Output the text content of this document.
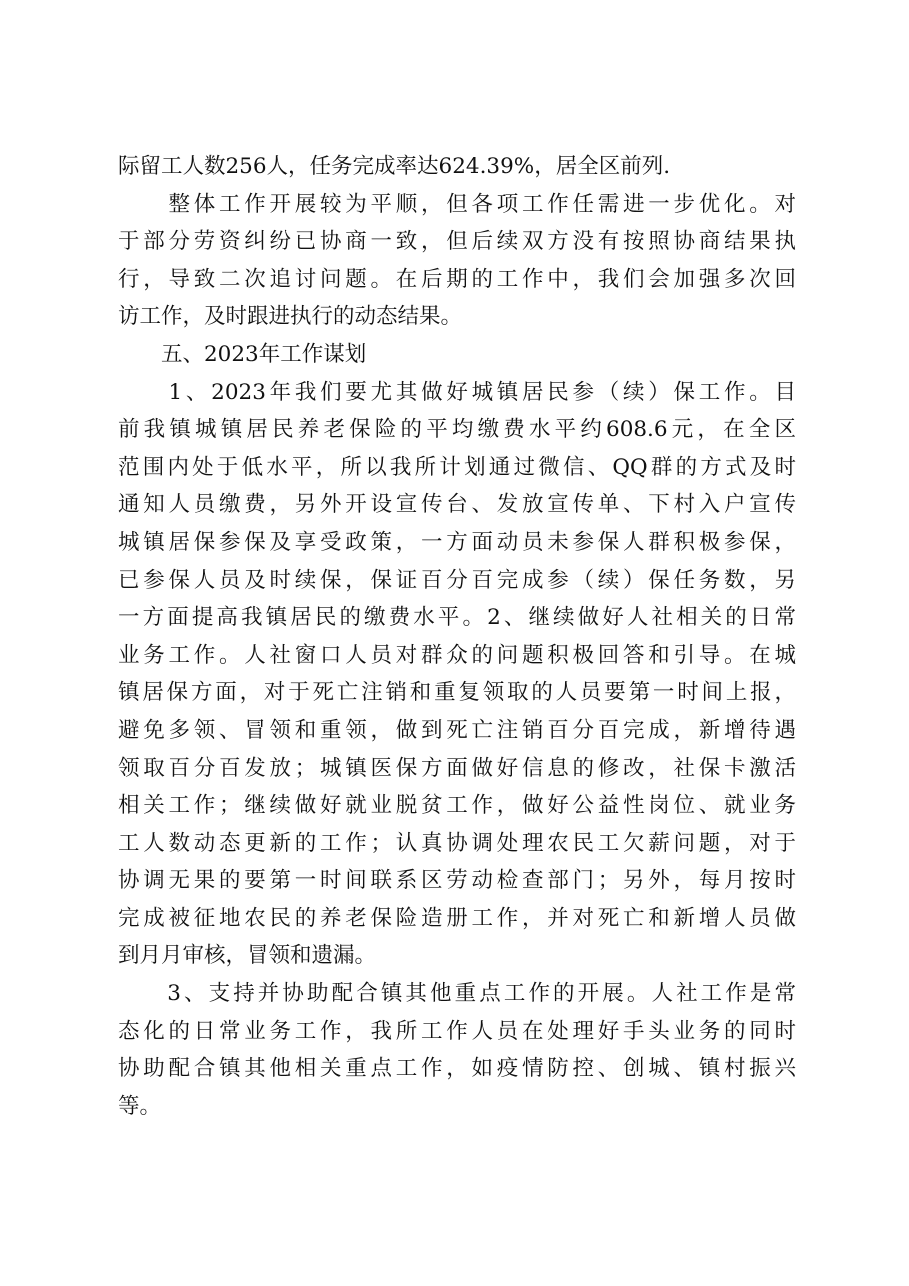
际留工人数256人，任务完成率达624.39%，居全区前列.
　　整体工作开展较为平顺，但各项工作任需进一步优化。对
于部分劳资纠纷已协商一致，但后续双方没有按照协商结果执
行，导致二次追讨问题。在后期的工作中，我们会加强多次回
访工作，及时跟进执行的动态结果。
　　五、2023年工作谋划
　　1、2023年我们要尤其做好城镇居民参（续）保工作。目
前我镇城镇居民养老保险的平均缴费水平约608.6元，在全区
范围内处于低水平，所以我所计划通过微信、QQ群的方式及时
通知人员缴费，另外开设宣传台、发放宣传单、下村入户宣传
城镇居保参保及享受政策，一方面动员未参保人群积极参保，
已参保人员及时续保，保证百分百完成参（续）保任务数，另
一方面提高我镇居民的缴费水平。2、继续做好人社相关的日常
业务工作。人社窗口人员对群众的问题积极回答和引导。在城
镇居保方面，对于死亡注销和重复领取的人员要第一时间上报，
避免多领、冒领和重领，做到死亡注销百分百完成，新增待遇
领取百分百发放；城镇医保方面做好信息的修改，社保卡激活
相关工作；继续做好就业脱贫工作，做好公益性岗位、就业务
工人数动态更新的工作；认真协调处理农民工欠薪问题，对于
协调无果的要第一时间联系区劳动检查部门；另外，每月按时
完成被征地农民的养老保险造册工作，并对死亡和新增人员做
到月月审核，冒领和遗漏。
　　3、支持并协助配合镇其他重点工作的开展。人社工作是常
态化的日常业务工作，我所工作人员在处理好手头业务的同时
协助配合镇其他相关重点工作，如疫情防控、创城、镇村振兴
等。
